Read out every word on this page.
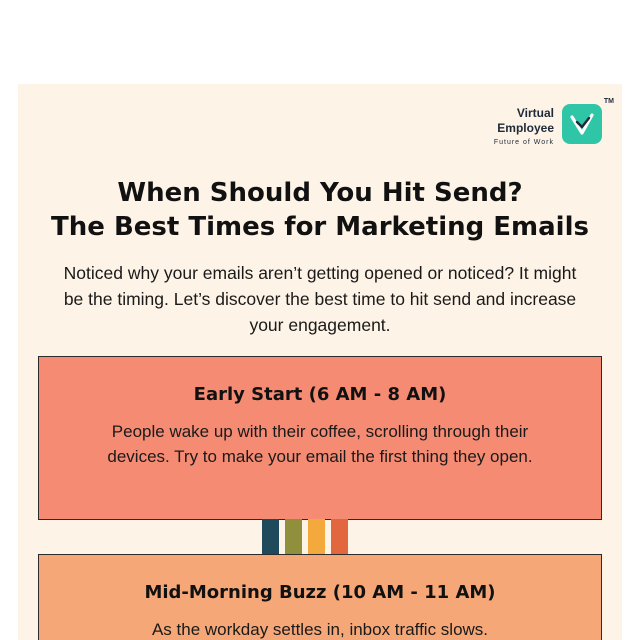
Virtual
Employee
Future of Work
TM
When Should You Hit Send?
The Best Times for Marketing Emails
Noticed why your emails aren’t getting opened or noticed? It might be the timing. Let’s discover the best time to hit send and increase your engagement.
Early Start (6 AM - 8 AM)
People wake up with their coffee, scrolling through their devices. Try to make your email the first thing they open.
Mid-Morning Buzz (10 AM - 11 AM)
As the workday settles in, inbox traffic slows.
